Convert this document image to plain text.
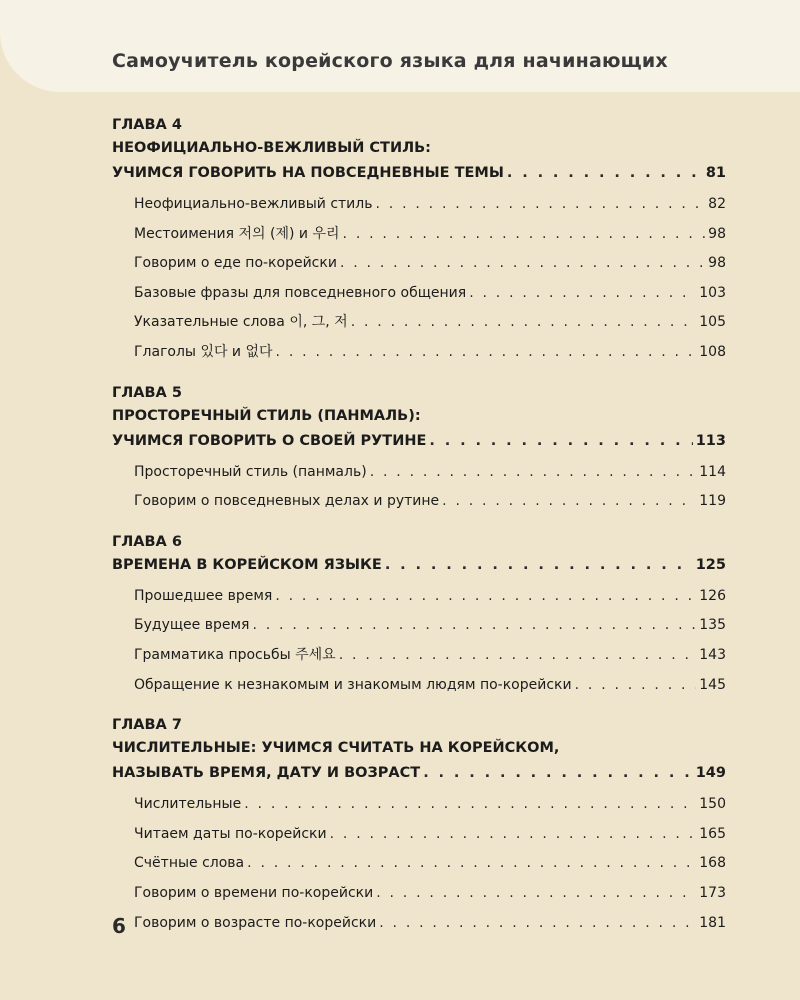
Самоучитель корейского языка для начинающих
ГЛАВА 4
НЕОФИЦИАЛЬНО-ВЕЖЛИВЫЙ СТИЛЬ:
УЧИМСЯ ГОВОРИТЬ НА ПОВСЕДНЕВНЫЕ ТЕМЫ . . .	81
Неофициально-вежливый стиль . . .	82
Местоимения 저의 (제) и 우리 . . .	98
Говорим о еде по-корейски . . .	98
Базовые фразы для повседневного общения . . .	103
Указательные слова 이, 그, 저 . . .	105
Глаголы 있다 и 없다 . . .	108
ГЛАВА 5
ПРОСТОРЕЧНЫЙ СТИЛЬ (ПАНМАЛЬ):
УЧИМСЯ ГОВОРИТЬ О СВОЕЙ РУТИНЕ . . .	113
Просторечный стиль (панмаль) . . .	114
Говорим о повседневных делах и рутине . . .	119
ГЛАВА 6
ВРЕМЕНА В КОРЕЙСКОМ ЯЗЫКЕ . . .	125
Прошедшее время . . .	126
Будущее время . . .	135
Грамматика просьбы 주세요 . . .	143
Обращение к незнакомым и знакомым людям по-корейски . . .	145
ГЛАВА 7
ЧИСЛИТЕЛЬНЫЕ: УЧИМСЯ СЧИТАТЬ НА КОРЕЙСКОМ,
НАЗЫВАТЬ ВРЕМЯ, ДАТУ И ВОЗРАСТ . . .	149
Числительные . . .	150
Читаем даты по-корейски . . .	165
Счётные слова . . .	168
Говорим о времени по-корейски . . .	173
Говорим о возрасте по-корейски . . .	181
6
